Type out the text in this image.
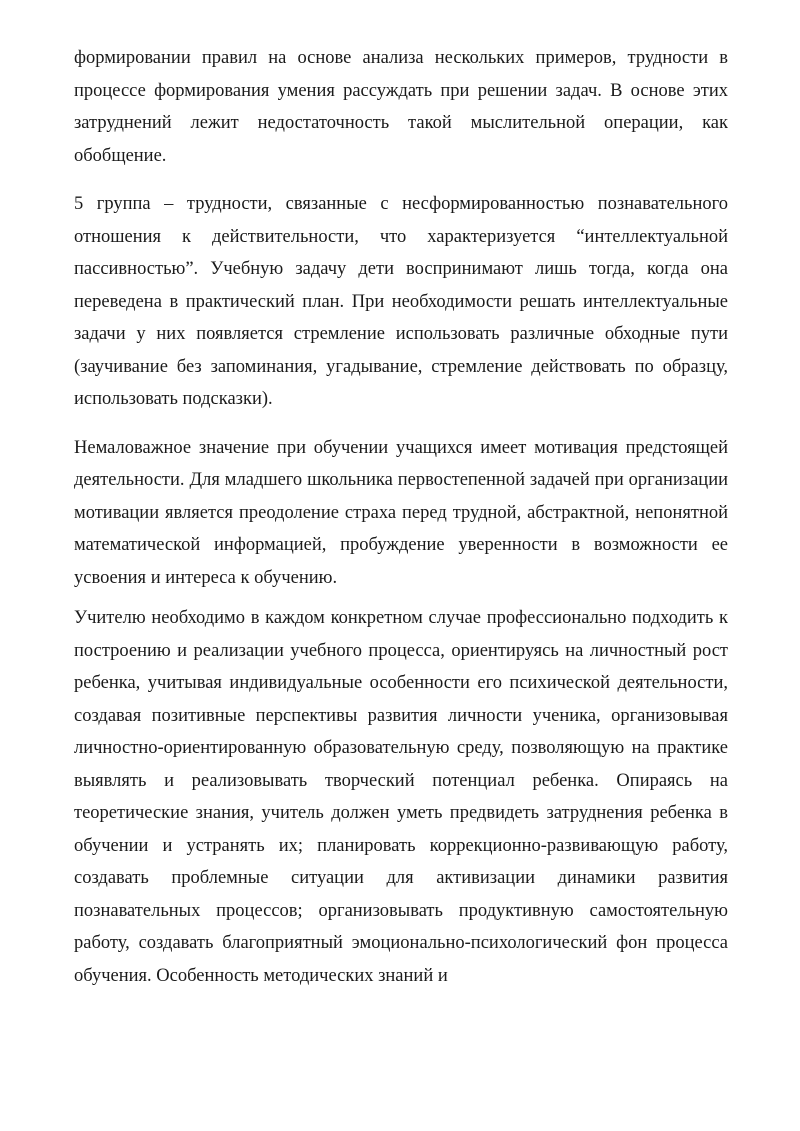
формировании правил на основе анализа нескольких примеров, трудности в процессе формирования умения рассуждать при решении задач. В основе этих затруднений лежит недостаточность такой мыслительной операции, как обобщение.

5 группа – трудности, связанные с несформированностью познавательного отношения к действительности, что характеризуется “интеллектуальной пассивностью”. Учебную задачу дети воспринимают лишь тогда, когда она переведена в практический план. При необходимости решать интеллектуальные задачи у них появляется стремление использовать различные обходные пути (заучивание без запоминания, угадывание, стремление действовать по образцу, использовать подсказки).

Немаловажное значение при обучении учащихся имеет мотивация предстоящей деятельности. Для младшего школьника первостепенной задачей при организации мотивации является преодоление страха перед трудной, абстрактной, непонятной математической информацией, пробуждение уверенности в возможности ее усвоения и интереса к обучению.

Учителю необходимо в каждом конкретном случае профессионально подходить к построению и реализации учебного процесса, ориентируясь на личностный рост ребенка, учитывая индивидуальные особенности его психической деятельности, создавая позитивные перспективы развития личности ученика, организовывая личностно-ориентированную образовательную среду, позволяющую на практике выявлять и реализовывать творческий потенциал ребенка. Опираясь на теоретические знания, учитель должен уметь предвидеть затруднения ребенка в обучении и устранять их; планировать коррекционно-развивающую работу, создавать проблемные ситуации для активизации динамики развития познавательных процессов; организовывать продуктивную самостоятельную работу, создавать благоприятный эмоционально-психологический фон процесса обучения. Особенность методических знаний и
